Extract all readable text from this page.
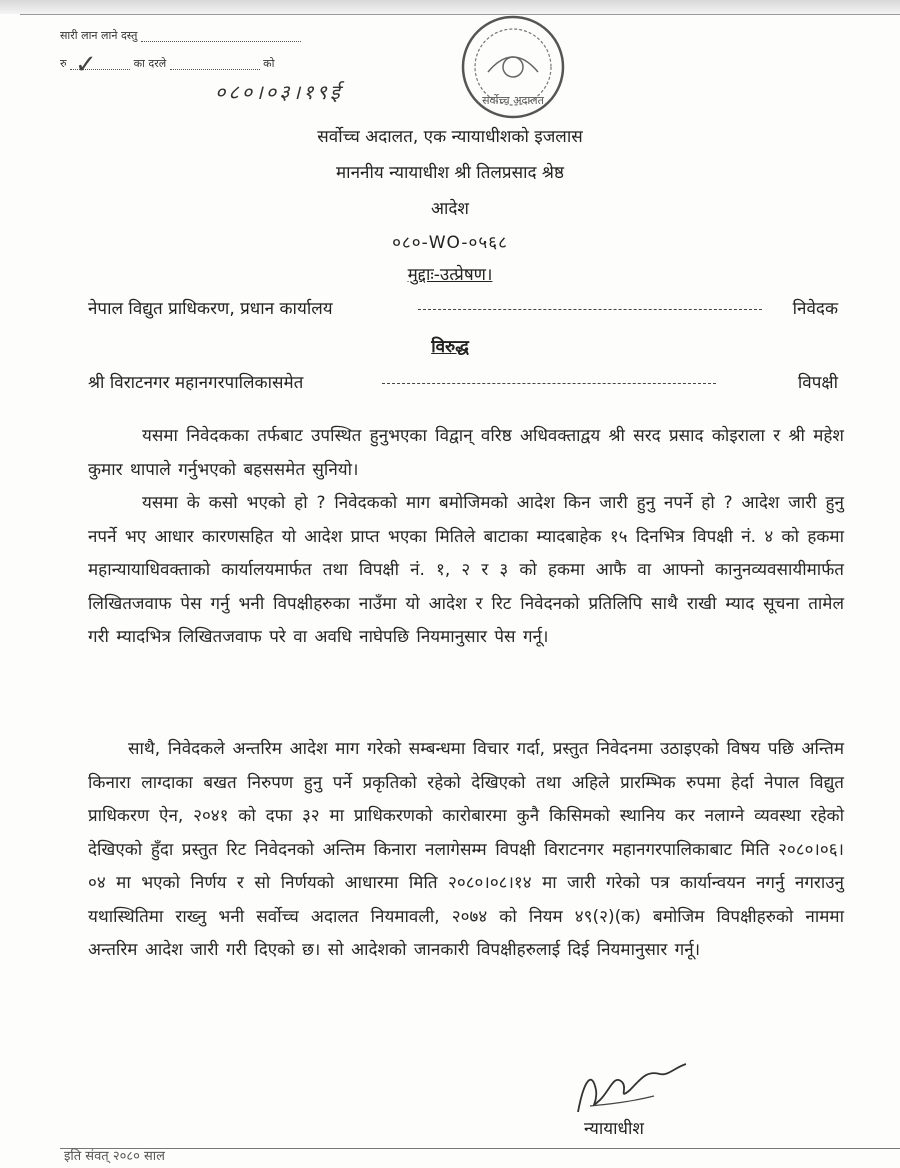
सारी लान लाने दस्तु
रु	का दरले	को
✓
०८०।०३।१९ई	सर्वोच्च अदालत
सर्वोच्च अदालत, एक न्यायाधीशको इजलास
माननीय न्यायाधीश श्री तिलप्रसाद श्रेष्ठ
आदेश
०८०-WO-०५६८
मुद्दाः-उत्प्रेषण।
नेपाल विद्युत प्राधिकरण, प्रधान कार्यालय	निवेदक
विरुद्ध
श्री विराटनगर महानगरपालिकासमेत	विपक्षी
यसमा निवेदकका तर्फबाट उपस्थित हुनुभएका विद्वान् वरिष्ठ अधिवक्ताद्वय श्री सरद प्रसाद कोइराला र श्री महेश कुमार थापाले गर्नुभएको बहससमेत सुनियो।
यसमा के कसो भएको हो ? निवेदकको माग बमोजिमको आदेश किन जारी हुनु नपर्ने हो ? आदेश जारी हुनु नपर्ने भए आधार कारणसहित यो आदेश प्राप्त भएका मितिले बाटाका म्यादबाहेक १५ दिनभित्र विपक्षी नं. ४ को हकमा महान्यायाधिवक्ताको कार्यालयमार्फत तथा विपक्षी नं. १, २ र ३ को हकमा आफै वा आफ्नो कानुनव्यवसायीमार्फत लिखितजवाफ पेस गर्नु भनी विपक्षीहरुका नाउँमा यो आदेश र रिट निवेदनको प्रतिलिपि साथै राखी म्याद सूचना तामेल गरी म्यादभित्र लिखितजवाफ परे वा अवधि नाघेपछि नियमानुसार पेस गर्नू।
साथै, निवेदकले अन्तरिम आदेश माग गरेको सम्बन्धमा विचार गर्दा, प्रस्तुत निवेदनमा उठाइएको विषय पछि अन्तिम किनारा लाग्दाका बखत निरुपण हुनु पर्ने प्रकृतिको रहेको देखिएको तथा अहिले प्रारम्भिक रुपमा हेर्दा नेपाल विद्युत प्राधिकरण ऐन, २०४१ को दफा ३२ मा प्राधिकरणको कारोबारमा कुनै किसिमको स्थानिय कर नलाग्ने व्यवस्था रहेको देखिएको हुँदा प्रस्तुत रिट निवेदनको अन्तिम किनारा नलागेसम्म विपक्षी विराटनगर महानगरपालिकाबाट मिति २०८०।०६।०४ मा भएको निर्णय र सो निर्णयको आधारमा मिति २०८०।०८।१४ मा जारी गरेको पत्र कार्यान्वयन नगर्नु नगराउनु यथास्थितिमा राख्नु भनी सर्वोच्च अदालत नियमावली, २०७४ को नियम ४९(२)(क) बमोजिम विपक्षीहरुको नाममा अन्तरिम आदेश जारी गरी दिएको छ। सो आदेशको जानकारी विपक्षीहरुलाई दिई नियमानुसार गर्नू।
न्यायाधीश
इति संवत् २०८० साल
